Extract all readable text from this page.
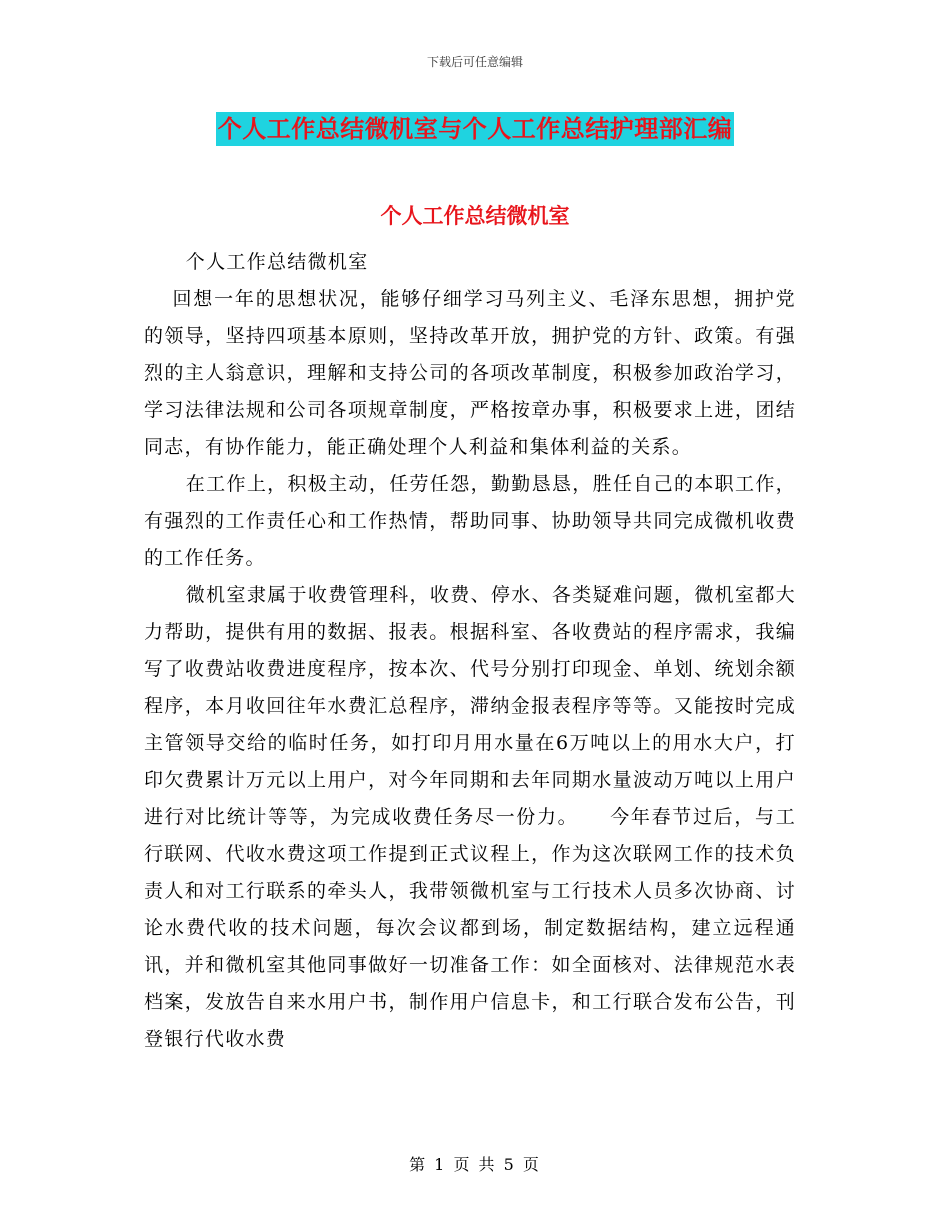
下载后可任意编辑
个人工作总结微机室与个人工作总结护理部汇编
个人工作总结微机室

个人工作总结微机室

回想一年的思想状况，能够仔细学习马列主义、毛泽东思想，拥护党的领导，坚持四项基本原则，坚持改革开放，拥护党的方针、政策。有强烈的主人翁意识，理解和支持公司的各项改革制度，积极参加政治学习，学习法律法规和公司各项规章制度，严格按章办事，积极要求上进，团结同志，有协作能力，能正确处理个人利益和集体利益的关系。

在工作上，积极主动，任劳任怨，勤勤恳恳，胜任自己的本职工作，有强烈的工作责任心和工作热情，帮助同事、协助领导共同完成微机收费的工作任务。

微机室隶属于收费管理科，收费、停水、各类疑难问题，微机室都大力帮助，提供有用的数据、报表。根据科室、各收费站的程序需求，我编写了收费站收费进度程序，按本次、代号分别打印现金、单划、统划余额程序，本月收回往年水费汇总程序，滞纳金报表程序等等。又能按时完成主管领导交给的临时任务，如打印月用水量在6万吨以上的用水大户，打印欠费累计万元以上用户，对今年同期和去年同期水量波动万吨以上用户进行对比统计等等，为完成收费任务尽一份力。　　今年春节过后，与工行联网、代收水费这项工作提到正式议程上，作为这次联网工作的技术负责人和对工行联系的牵头人，我带领微机室与工行技术人员多次协商、讨论水费代收的技术问题，每次会议都到场，制定数据结构，建立远程通讯，并和微机室其他同事做好一切准备工作：如全面核对、法律规范水表档案，发放告自来水用户书，制作用户信息卡，和工行联合发布公告，刊登银行代收水费

第 1 页 共 5 页
